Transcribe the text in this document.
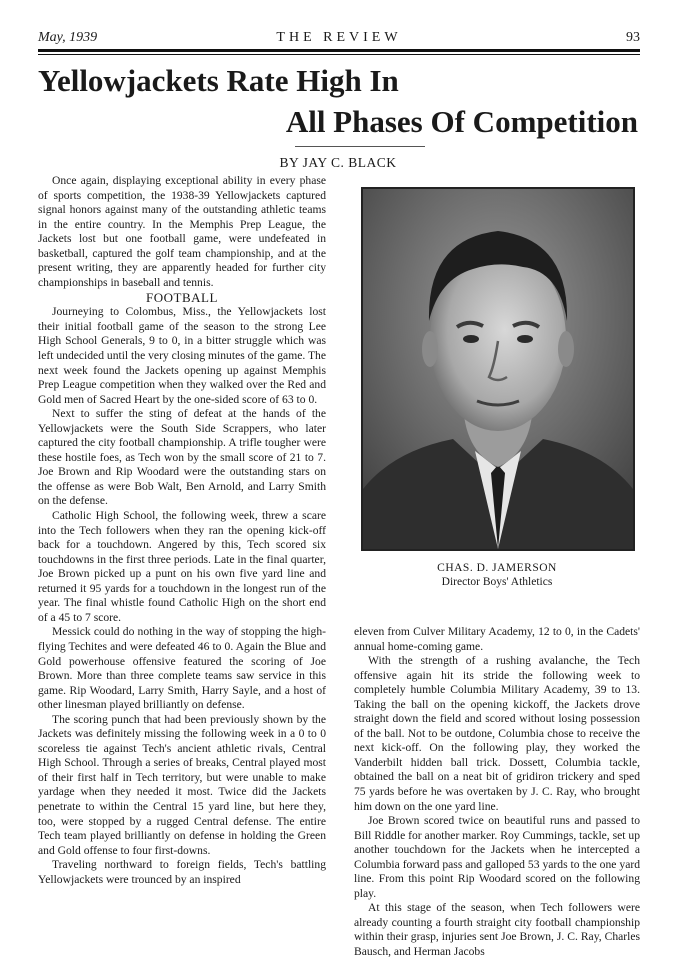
May, 1939	THE REVIEW	93
Yellowjackets Rate High In
All Phases Of Competition
BY JAY C. BLACK

Once again, displaying exceptional ability in every phase of sports competition, the 1938-39 Yellowjackets captured signal honors against many of the outstanding athletic teams in the entire country. In the Memphis Prep League, the Jackets lost but one football game, were undefeated in basketball, captured the golf team championship, and at the present writing, they are apparently headed for further city championships in baseball and tennis.

FOOTBALL

Journeying to Colombus, Miss., the Yellowjackets lost their initial football game of the season to the strong Lee High School Generals, 9 to 0, in a bitter struggle which was left undecided until the very closing minutes of the game. The next week found the Jackets opening up against Memphis Prep League competition when they walked over the Red and Gold men of Sacred Heart by the one-sided score of 63 to 0.

Next to suffer the sting of defeat at the hands of the Yellowjackets were the South Side Scrappers, who later captured the city football championship. A trifle tougher were these hostile foes, as Tech won by the small score of 21 to 7. Joe Brown and Rip Woodard were the outstanding stars on the offense as were Bob Walt, Ben Arnold, and Larry Smith on the defense.

Catholic High School, the following week, threw a scare into the Tech followers when they ran the opening kick-off back for a touchdown. Angered by this, Tech scored six touchdowns in the first three periods. Late in the final quarter, Joe Brown picked up a punt on his own five yard line and returned it 95 yards for a touchdown in the longest run of the year. The final whistle found Catholic High on the short end of a 45 to 7 score.

Messick could do nothing in the way of stopping the high-flying Techites and were defeated 46 to 0. Again the Blue and Gold powerhouse offensive featured the scoring of Joe Brown. More than three complete teams saw service in this game. Rip Woodard, Larry Smith, Harry Sayle, and a host of other linesman played brilliantly on defense.

The scoring punch that had been previously shown by the Jackets was definitely missing the following week in a 0 to 0 scoreless tie against Tech's ancient athletic rivals, Central High School. Through a series of breaks, Central played most of their first half in Tech territory, but were unable to make yardage when they needed it most. Twice did the Jackets penetrate to within the Central 15 yard line, but here they, too, were stopped by a rugged Central defense. The entire Tech team played brilliantly on defense in holding the Green and Gold offense to four first-downs.

Traveling northward to foreign fields, Tech's battling Yellowjackets were trounced by an inspired

CHAS. D. JAMERSON
Director Boys' Athletics

eleven from Culver Military Academy, 12 to 0, in the Cadets' annual home-coming game.

With the strength of a rushing avalanche, the Tech offensive again hit its stride the following week to completely humble Columbia Military Academy, 39 to 13. Taking the ball on the opening kickoff, the Jackets drove straight down the field and scored without losing possession of the ball. Not to be outdone, Columbia chose to receive the next kick-off. On the following play, they worked the Vanderbilt hidden ball trick. Dossett, Columbia tackle, obtained the ball on a neat bit of gridiron trickery and sped 75 yards before he was overtaken by J. C. Ray, who brought him down on the one yard line.

Joe Brown scored twice on beautiful runs and passed to Bill Riddle for another marker. Roy Cummings, tackle, set up another touchdown for the Jackets when he intercepted a Columbia forward pass and galloped 53 yards to the one yard line. From this point Rip Woodard scored on the following play.

At this stage of the season, when Tech followers were already counting a fourth straight city football championship within their grasp, injuries sent Joe Brown, J. C. Ray, Charles Bausch, and Herman Jacobs
